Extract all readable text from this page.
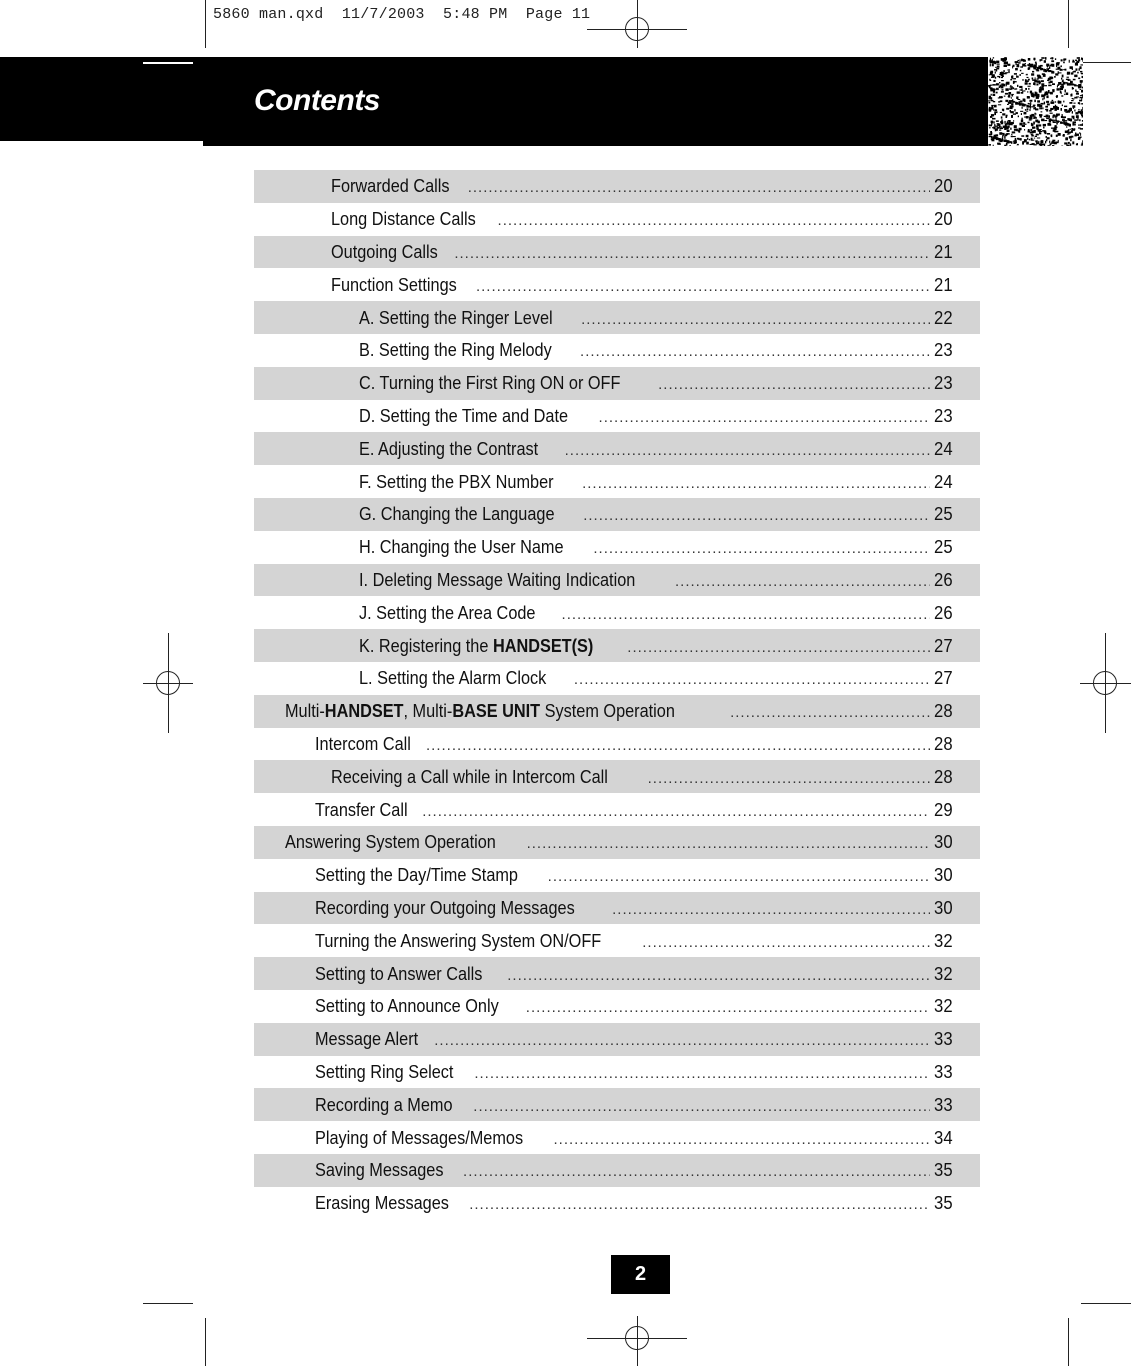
5860 man.qxd  11/7/2003  5:48 PM  Page 11
Contents
Forwarded Calls .....	20
Long Distance Calls .....	20
Outgoing Calls .....	21
Function Settings .....	21
A. Setting the Ringer Level .....	22
B. Setting the Ring Melody .....	23
C. Turning the First Ring ON or OFF .....	23
D. Setting the Time and Date .....	23
E. Adjusting the Contrast .....	24
F. Setting the PBX Number .....	24
G. Changing the Language .....	25
H. Changing the User Name .....	25
I. Deleting Message Waiting Indication .....	26
J. Setting the Area Code .....	26
K. Registering the HANDSET(S) .....	27
L. Setting the Alarm Clock .....	27
Multi-HANDSET, Multi-BASE UNIT System Operation .....	28
Intercom Call .....	28
Receiving a Call while in Intercom Call .....	28
Transfer Call .....	29
Answering System Operation .....	30
Setting the Day/Time Stamp .....	30
Recording your Outgoing Messages .....	30
Turning the Answering System ON/OFF .....	32
Setting to Answer Calls .....	32
Setting to Announce Only .....	32
Message Alert .....	33
Setting Ring Select .....	33
Recording a Memo .....	33
Playing of Messages/Memos .....	34
Saving Messages .....	35
Erasing Messages .....	35
2
